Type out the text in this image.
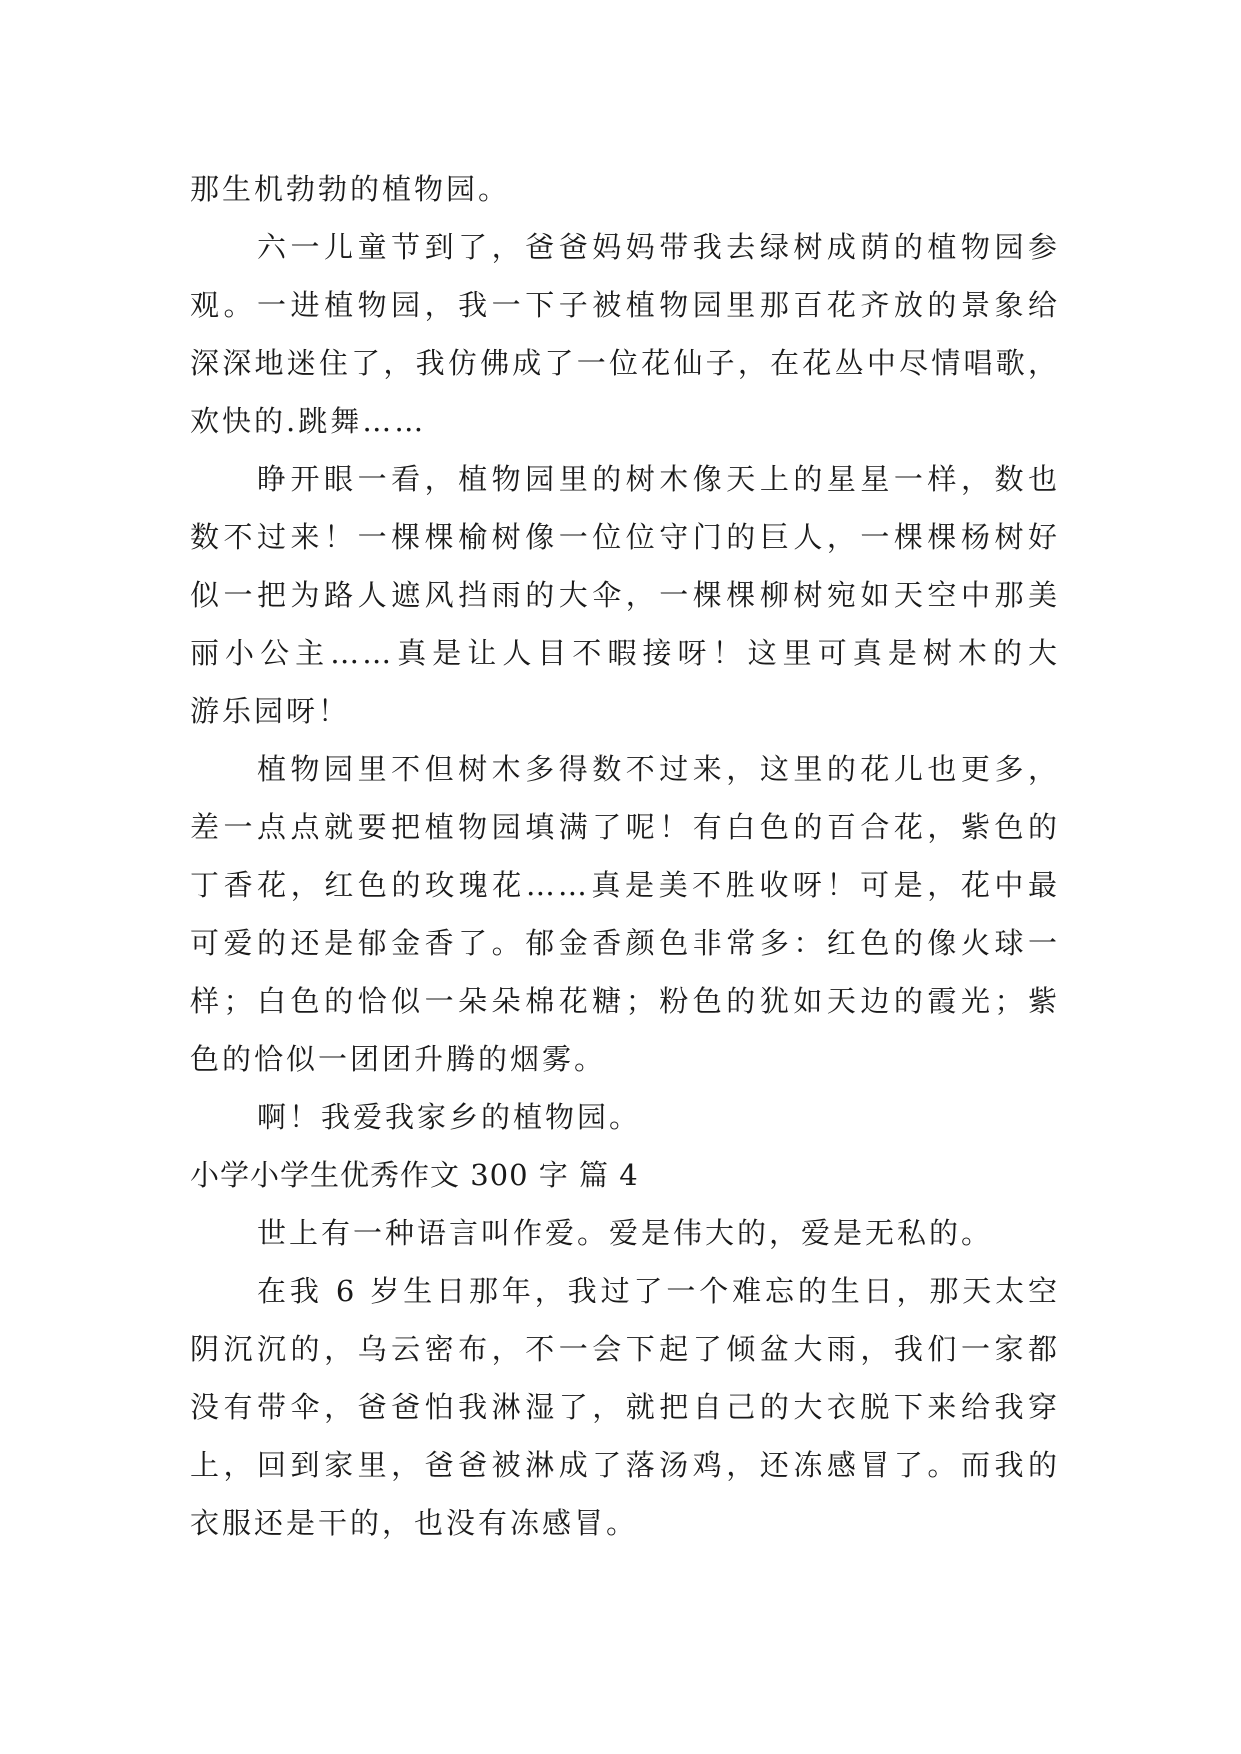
那生机勃勃的植物园。
六一儿童节到了，爸爸妈妈带我去绿树成荫的植物园参
观。一进植物园，我一下子被植物园里那百花齐放的景象给
深深地迷住了，我仿佛成了一位花仙子，在花丛中尽情唱歌，
欢快的.跳舞……
睁开眼一看，植物园里的树木像天上的星星一样，数也
数不过来！一棵棵榆树像一位位守门的巨人，一棵棵杨树好
似一把为路人遮风挡雨的大伞，一棵棵柳树宛如天空中那美
丽小公主……真是让人目不暇接呀！这里可真是树木的大
游乐园呀！
植物园里不但树木多得数不过来，这里的花儿也更多，
差一点点就要把植物园填满了呢！有白色的百合花，紫色的
丁香花，红色的玫瑰花……真是美不胜收呀！可是，花中最
可爱的还是郁金香了。郁金香颜色非常多：红色的像火球一
样；白色的恰似一朵朵棉花糖；粉色的犹如天边的霞光；紫
色的恰似一团团升腾的烟雾。
啊！我爱我家乡的植物园。
小学小学生优秀作文 300 字 篇 4
世上有一种语言叫作爱。爱是伟大的，爱是无私的。
在我 6 岁生日那年，我过了一个难忘的生日，那天太空
阴沉沉的，乌云密布，不一会下起了倾盆大雨，我们一家都
没有带伞，爸爸怕我淋湿了，就把自己的大衣脱下来给我穿
上，回到家里，爸爸被淋成了落汤鸡，还冻感冒了。而我的
衣服还是干的，也没有冻感冒。
